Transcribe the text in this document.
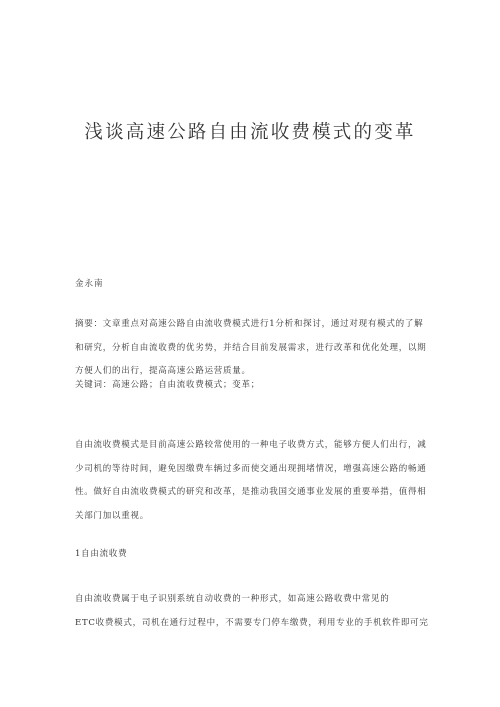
浅谈高速公路自由流收费模式的变革
金永南
摘要：文章重点对高速公路自由流收费模式进行1分析和探讨，通过对现有模式的了解
和研究，分析自由流收费的优劣势，并结合目前发展需求，进行改革和优化处理，以期
方便人们的出行，提高高速公路运营质量。
关键词：高速公路；自由流收费模式；变革；
自由流收费模式是目前高速公路较常使用的一种电子收费方式，能够方便人们出行，减
少司机的等待时间，避免因缴费车辆过多而使交通出现拥堵情况，增强高速公路的畅通
性。做好自由流收费模式的研究和改革，是推动我国交通事业发展的重要举措，值得相
关部门加以重视。
1自由流收费
自由流收费属于电子识别系统自动收费的一种形式，如高速公路收费中常见的
ETC收费模式，司机在通行过程中，不需要专门停车缴费，利用专业的手机软件即可完
